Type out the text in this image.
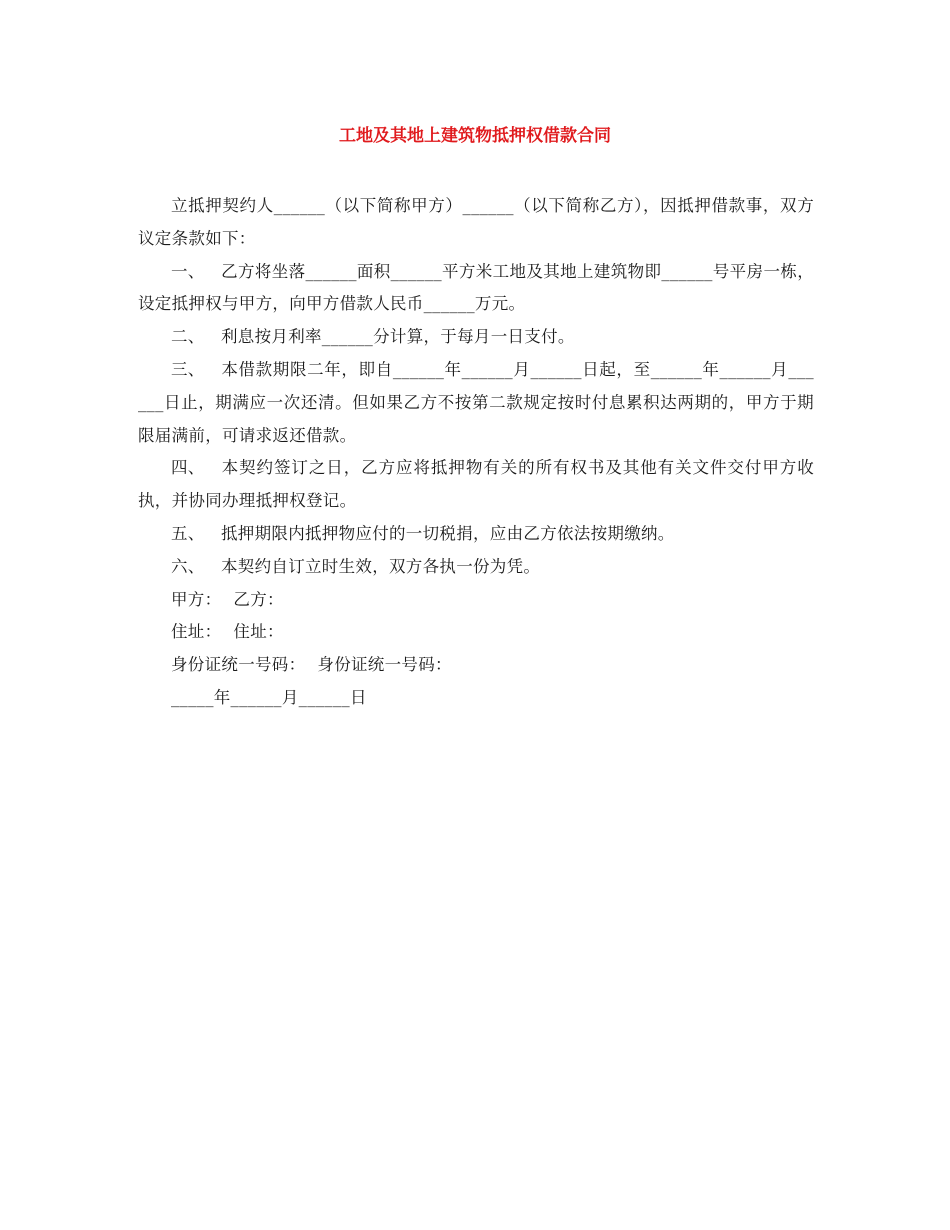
工地及其地上建筑物抵押权借款合同

立抵押契约人______（以下简称甲方）______（以下简称乙方），因抵押借款事，双方议定条款如下：

一、 乙方将坐落______面积______平方米工地及其地上建筑物即______号平房一栋，设定抵押权与甲方，向甲方借款人民币______万元。

二、 利息按月利率______分计算，于每月一日支付。

三、 本借款期限二年，即自______年______月______日起，至______年______月______日止，期满应一次还清。但如果乙方不按第二款规定按时付息累积达两期的，甲方于期限届满前，可请求返还借款。

四、 本契约签订之日，乙方应将抵押物有关的所有权书及其他有关文件交付甲方收执，并协同办理抵押权登记。

五、 抵押期限内抵押物应付的一切税捐，应由乙方依法按期缴纳。

六、 本契约自订立时生效，双方各执一份为凭。

甲方： 乙方：

住址： 住址：

身份证统一号码： 身份证统一号码：

_____年______月______日
